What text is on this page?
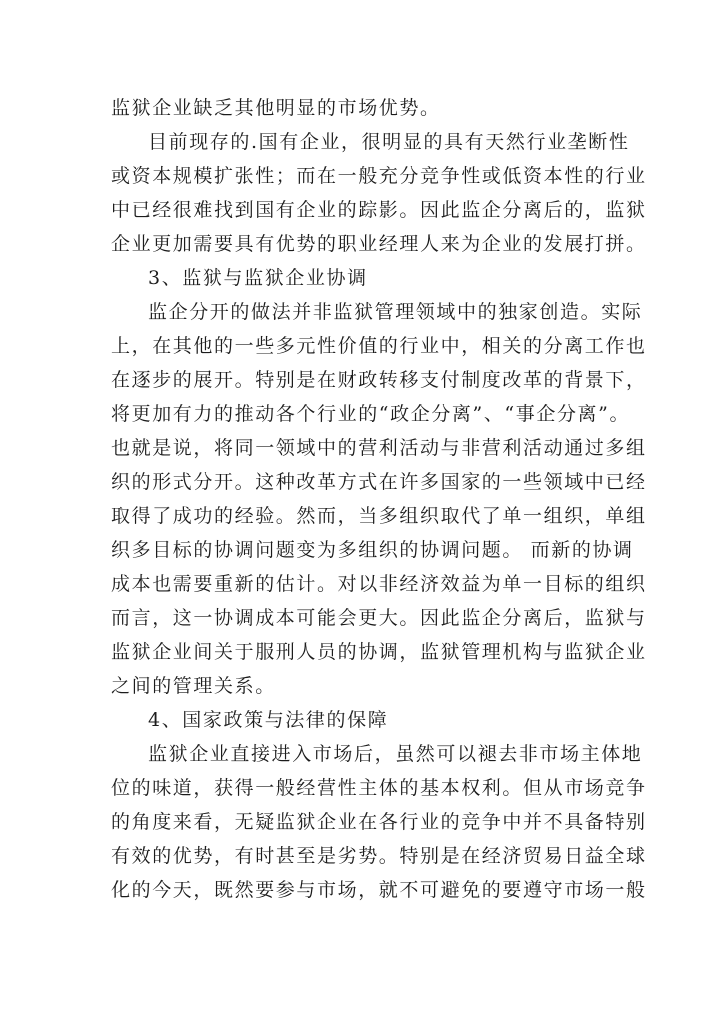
监狱企业缺乏其他明显的市场优势。
目前现存的.国有企业，很明显的具有天然行业垄断性
或资本规模扩张性；而在一般充分竞争性或低资本性的行业
中已经很难找到国有企业的踪影。因此监企分离后的，监狱
企业更加需要具有优势的职业经理人来为企业的发展打拼。
3、监狱与监狱企业协调
监企分开的做法并非监狱管理领域中的独家创造。实际
上，在其他的一些多元性价值的行业中，相关的分离工作也
在逐步的展开。特别是在财政转移支付制度改革的背景下，
将更加有力的推动各个行业的“政企分离”、“事企分离”。
也就是说，将同一领域中的营利活动与非营利活动通过多组
织的形式分开。这种改革方式在许多国家的一些领域中已经
取得了成功的经验。然而，当多组织取代了单一组织，单组
织多目标的协调问题变为多组织的协调问题。 而新的协调
成本也需要重新的估计。对以非经济效益为单一目标的组织
而言，这一协调成本可能会更大。因此监企分离后，监狱与
监狱企业间关于服刑人员的协调，监狱管理机构与监狱企业
之间的管理关系。
4、国家政策与法律的保障
监狱企业直接进入市场后，虽然可以褪去非市场主体地
位的味道，获得一般经营性主体的基本权利。但从市场竞争
的角度来看，无疑监狱企业在各行业的竞争中并不具备特别
有效的优势，有时甚至是劣势。特别是在经济贸易日益全球
化的今天，既然要参与市场，就不可避免的要遵守市场一般
